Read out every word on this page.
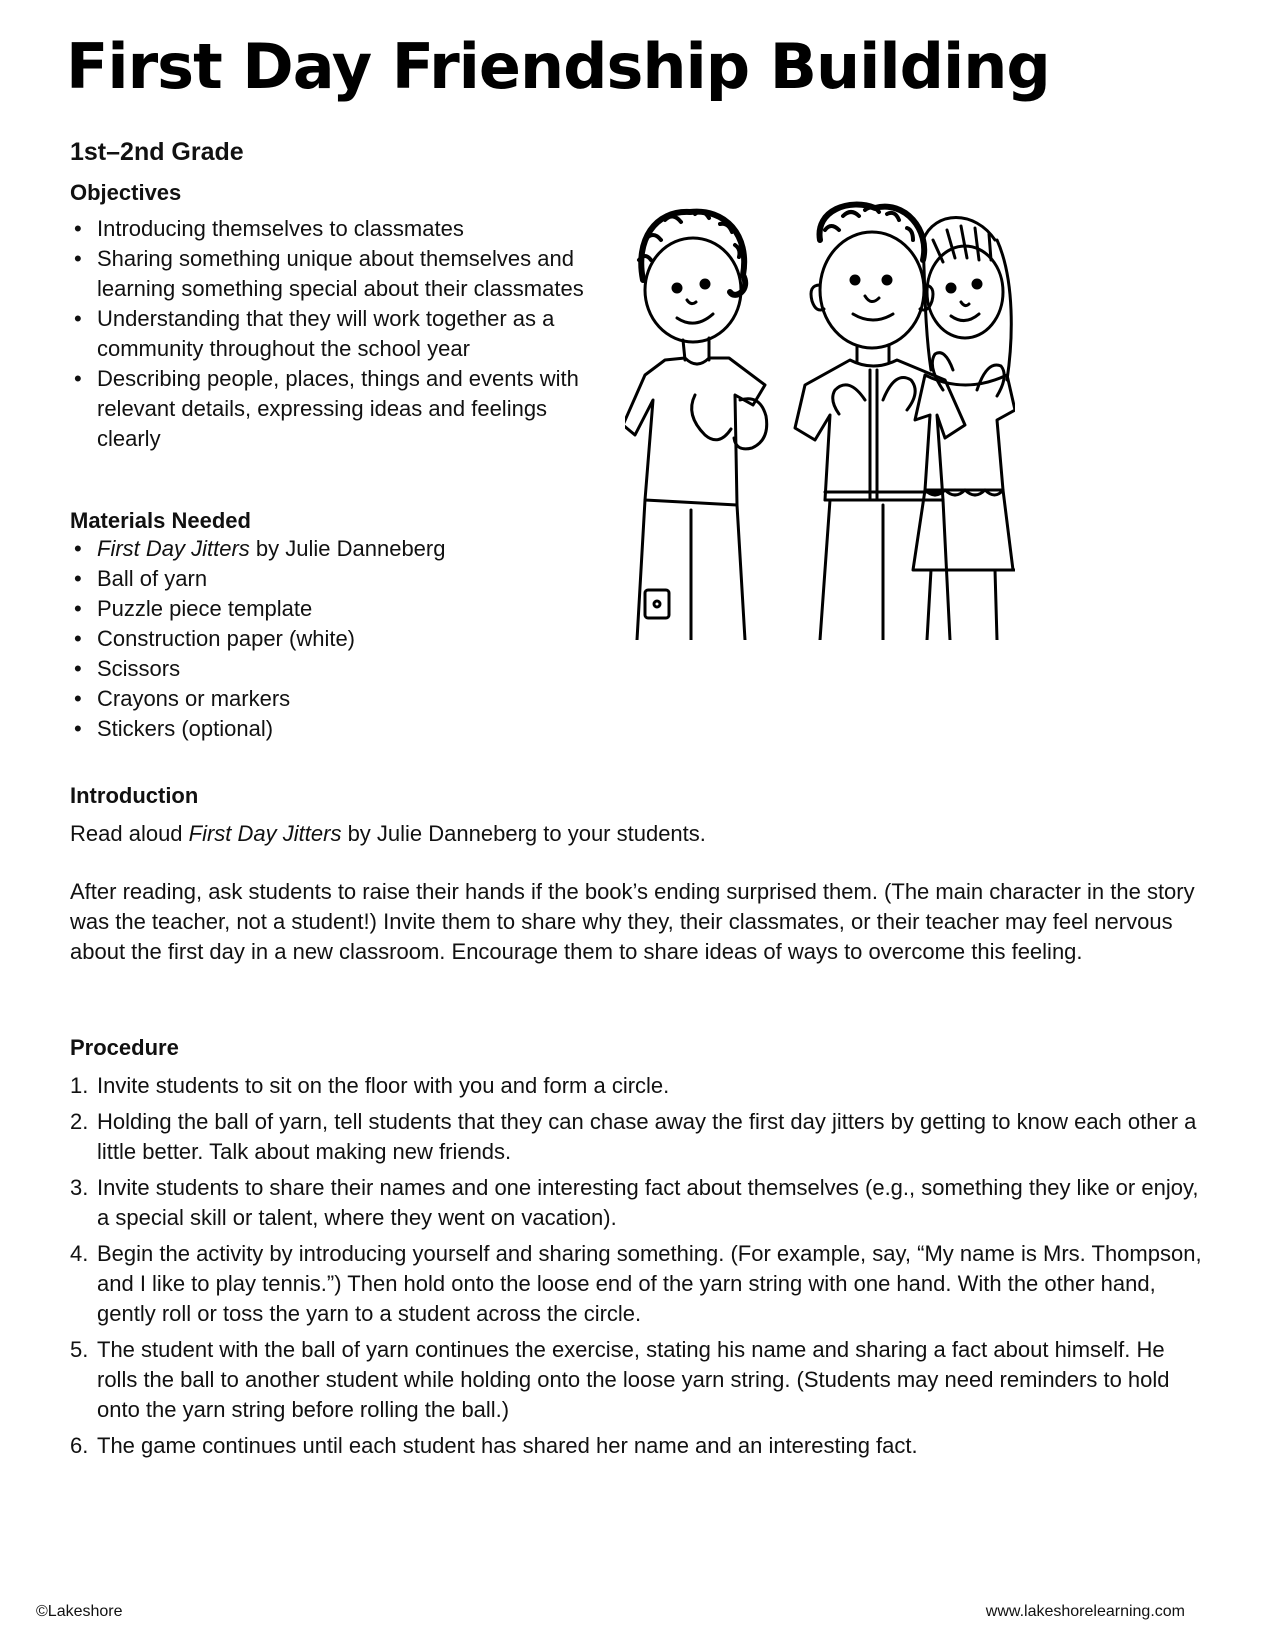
First Day Friendship Building
1st–2nd Grade
Objectives
• Introducing themselves to classmates
• Sharing something unique about themselves and learning something special about their classmates
• Understanding that they will work together as a community throughout the school year
• Describing people, places, things and events with relevant details, expressing ideas and feelings clearly
Materials Needed
• First Day Jitters by Julie Danneberg
• Ball of yarn
• Puzzle piece template
• Construction paper (white)
• Scissors
• Crayons or markers
• Stickers (optional)
Introduction

Read aloud First Day Jitters by Julie Danneberg to your students.

After reading, ask students to raise their hands if the book’s ending surprised them. (The main character in the story was the teacher, not a student!) Invite them to share why they, their classmates, or their teacher may feel nervous about the first day in a new classroom. Encourage them to share ideas of ways to overcome this feeling.

Procedure
1. Invite students to sit on the floor with you and form a circle.
2. Holding the ball of yarn, tell students that they can chase away the first day jitters by getting to know each other a little better. Talk about making new friends.
3. Invite students to share their names and one interesting fact about themselves (e.g., something they like or enjoy, a special skill or talent, where they went on vacation).
4. Begin the activity by introducing yourself and sharing something. (For example, say, “My name is Mrs. Thompson, and I like to play tennis.”) Then hold onto the loose end of the yarn string with one hand. With the other hand, gently roll or toss the yarn to a student across the circle.
5. The student with the ball of yarn continues the exercise, stating his name and sharing a fact about himself. He rolls the ball to another student while holding onto the loose yarn string. (Students may need reminders to hold onto the yarn string before rolling the ball.)
6. The game continues until each student has shared her name and an interesting fact.
©Lakeshore	www.lakeshorelearning.com
